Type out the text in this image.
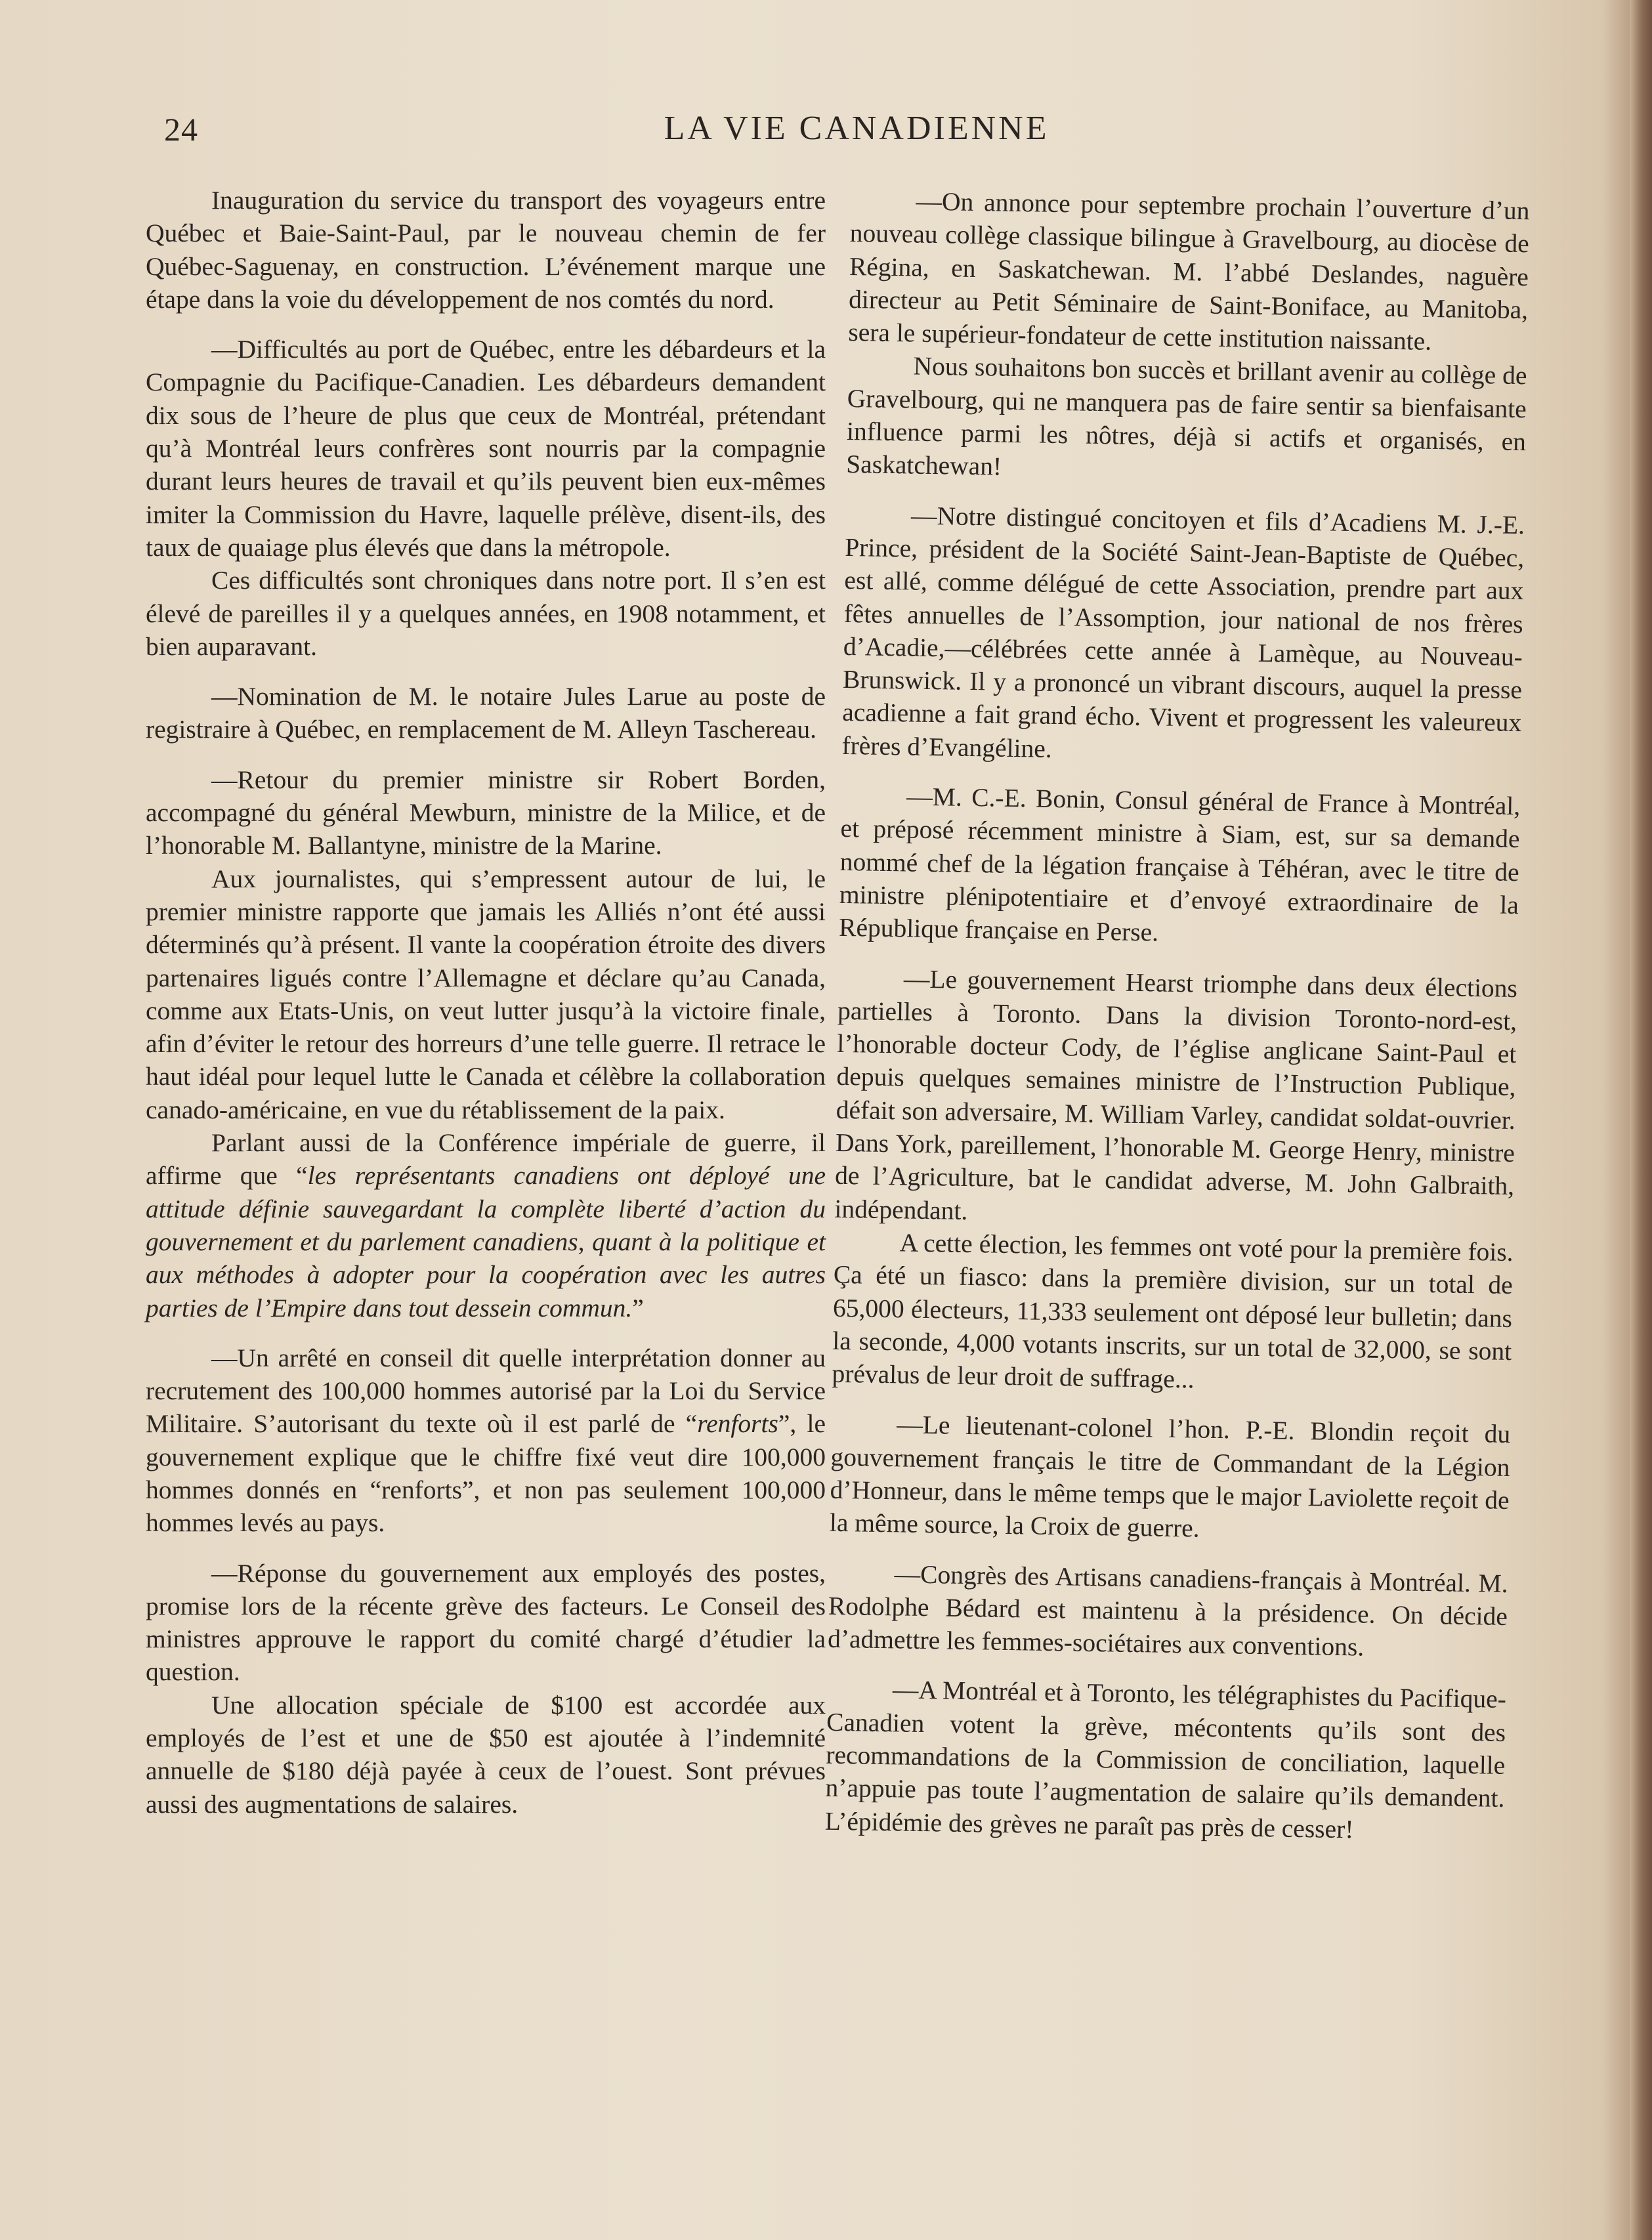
24	LA VIE CANADIENNE

Inauguration du service du transport des voyageurs entre Québec et Baie-Saint-Paul, par le nouveau chemin de fer Québec-Saguenay, en construction. L’événement marque une étape dans la voie du développement de nos comtés du nord.

—Difficultés au port de Québec, entre les débardeurs et la Compagnie du Pacifique-Canadien. Les débardeurs demandent dix sous de l’heure de plus que ceux de Montréal, prétendant qu’à Montréal leurs confrères sont nourris par la compagnie durant leurs heures de travail et qu’ils peuvent bien eux-mêmes imiter la Commission du Havre, laquelle prélève, disent-ils, des taux de quaiage plus élevés que dans la métropole.

Ces difficultés sont chroniques dans notre port. Il s’en est élevé de pareilles il y a quelques années, en 1908 notamment, et bien auparavant.

—Nomination de M. le notaire Jules Larue au poste de registraire à Québec, en remplacement de M. Alleyn Taschereau.

—Retour du premier ministre sir Robert Borden, accompagné du général Mewburn, ministre de la Milice, et de l’honorable M. Ballantyne, ministre de la Marine.

Aux journalistes, qui s’empressent autour de lui, le premier ministre rapporte que jamais les Alliés n’ont été aussi déterminés qu’à présent. Il vante la coopération étroite des divers partenaires ligués contre l’Allemagne et déclare qu’au Canada, comme aux Etats-Unis, on veut lutter jusqu’à la victoire finale, afin d’éviter le retour des horreurs d’une telle guerre. Il retrace le haut idéal pour lequel lutte le Canada et célèbre la collaboration canado-américaine, en vue du rétablissement de la paix.

Parlant aussi de la Conférence impériale de guerre, il affirme que “les représentants canadiens ont déployé une attitude définie sauvegardant la complète liberté d’action du gouvernement et du parlement canadiens, quant à la politique et aux méthodes à adopter pour la coopération avec les autres parties de l’Empire dans tout dessein commun.”

—Un arrêté en conseil dit quelle interprétation donner au recrutement des 100,000 hommes autorisé par la Loi du Service Militaire. S’autorisant du texte où il est parlé de “renforts”, le gouvernement explique que le chiffre fixé veut dire 100,000 hommes donnés en “renforts”, et non pas seulement 100,000 hommes levés au pays.

—Réponse du gouvernement aux employés des postes, promise lors de la récente grève des facteurs. Le Conseil des ministres approuve le rapport du comité chargé d’étudier la question.

Une allocation spéciale de $100 est accordée aux employés de l’est et une de $50 est ajoutée à l’indemnité annuelle de $180 déjà payée à ceux de l’ouest. Sont prévues aussi des augmentations de salaires.

—On annonce pour septembre prochain l’ouverture d’un nouveau collège classique bilingue à Gravelbourg, au diocèse de Régina, en Saskatchewan. M. l’abbé Deslandes, naguère directeur au Petit Séminaire de Saint-Boniface, au Manitoba, sera le supérieur-fondateur de cette institution naissante.

Nous souhaitons bon succès et brillant avenir au collège de Gravelbourg, qui ne manquera pas de faire sentir sa bienfaisante influence parmi les nôtres, déjà si actifs et organisés, en Saskatchewan!

—Notre distingué concitoyen et fils d’Acadiens M. J.-E. Prince, président de la Société Saint-Jean-Baptiste de Québec, est allé, comme délégué de cette Association, prendre part aux fêtes annuelles de l’Assomption, jour national de nos frères d’Acadie,—célébrées cette année à Lamèque, au Nouveau-Brunswick. Il y a prononcé un vibrant discours, auquel la presse acadienne a fait grand écho. Vivent et progressent les valeureux frères d’Evangéline.

—M. C.-E. Bonin, Consul général de France à Montréal, et préposé récemment ministre à Siam, est, sur sa demande nommé chef de la légation française à Téhéran, avec le titre de ministre plénipotentiaire et d’envoyé extraordinaire de la République française en Perse.

—Le gouvernement Hearst triomphe dans deux élections partielles à Toronto. Dans la division Toronto-nord-est, l’honorable docteur Cody, de l’église anglicane Saint-Paul et depuis quelques semaines ministre de l’Instruction Publique, défait son adversaire, M. William Varley, candidat soldat-ouvrier. Dans York, pareillement, l’honorable M. George Henry, ministre de l’Agriculture, bat le candidat adverse, M. John Galbraith, indépendant.

A cette élection, les femmes ont voté pour la première fois. Ça été un fiasco: dans la première division, sur un total de 65,000 électeurs, 11,333 seulement ont déposé leur bulletin; dans la seconde, 4,000 votants inscrits, sur un total de 32,000, se sont prévalus de leur droit de suffrage...

—Le lieutenant-colonel l’hon. P.-E. Blondin reçoit du gouvernement français le titre de Commandant de la Légion d’Honneur, dans le même temps que le major Laviolette reçoit de la même source, la Croix de guerre.

—Congrès des Artisans canadiens-français à Montréal. M. Rodolphe Bédard est maintenu à la présidence. On décide d’admettre les femmes-sociétaires aux conventions.

—A Montréal et à Toronto, les télégraphistes du Pacifique-Canadien votent la grève, mécontents qu’ils sont des recommandations de la Commission de conciliation, laquelle n’appuie pas toute l’augmentation de salaire qu’ils demandent. L’épidémie des grèves ne paraît pas près de cesser!
